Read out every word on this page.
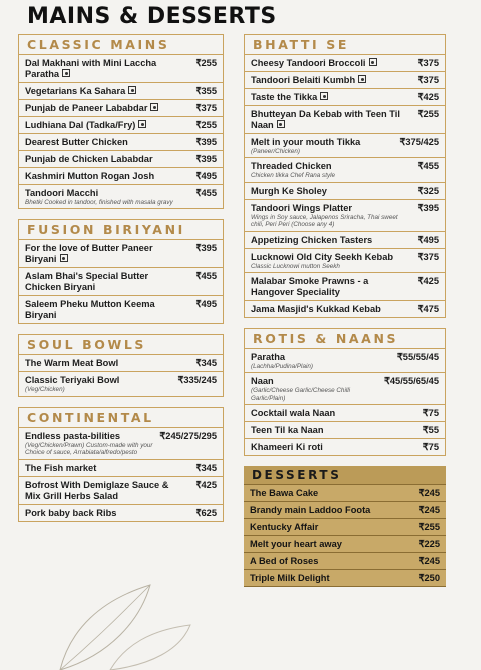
MAINS & DESSERTS
CLASSIC MAINS
Dal Makhani with Mini Laccha Paratha
₹255
Vegetarians Ka Sahara	₹355
Punjab de Paneer Lababdar	₹375
Ludhiana Dal (Tadka/Fry)	₹255
Dearest Butter Chicken	₹395
Punjab de Chicken Lababdar	₹395
Kashmiri Mutton Rogan Josh	₹495
Tandoori Macchi
Bhetki Cooked in tandoor, finished with masala gravy
₹455
FUSION BIRIYANI
For the love of Butter Paneer Biryani
₹395
Aslam Bhai's Special Butter Chicken Biryani
₹455
Saleem Pheku Mutton Keema Biryani
₹495
SOUL BOWLS
The Warm Meat Bowl	₹345
Classic Teriyaki Bowl
(Veg/Chicken)
₹335/245
CONTINENTAL
Endless pasta-bilities
(Veg/Chicken/Prawn) Custom-made with your Choice of sauce, Arrabiata/alfredo/pesto
₹245/275/295
The Fish market	₹345
Bofrost With Demiglaze Sauce & Mix Grill Herbs Salad
₹425
Pork baby back Ribs	₹625
BHATTI SE
Cheesy Tandoori Broccoli	₹375
Tandoori Belaiti Kumbh	₹375
Taste the Tikka	₹425
Bhutteyan Da Kebab with Teen Til Naan
₹255
Melt in your mouth Tikka
(Paneer/Chicken)
₹375/425
Threaded Chicken
Chicken tikka Chef Rana style
₹455
Murgh Ke Sholey	₹325
Tandoori Wings Platter
Wings in Soy sauce, Jalapenos Sriracha, Thai sweet chili, Peri Peri (Choose any 4)
₹395
Appetizing Chicken Tasters	₹495
Lucknowi Old City Seekh Kebab
Classic Lucknowi mutton Seekh
₹375
Malabar Smoke Prawns - a Hangover Speciality
₹425
Jama Masjid's Kukkad Kebab	₹475
ROTIS & NAANS
Paratha
(Lachha/Pudina/Plain)
₹55/55/45
Naan
(Garlic/Cheese Garlic/Cheese Chilli Garlic/Plain)
₹45/55/65/45
Cocktail wala Naan	₹75
Teen Til ka Naan	₹55
Khameeri Ki roti	₹75
DESSERTS
The Bawa Cake	₹245
Brandy main Laddoo Foota	₹245
Kentucky Affair	₹255
Melt your heart away	₹225
A Bed of Roses	₹245
Triple Milk Delight	₹250
